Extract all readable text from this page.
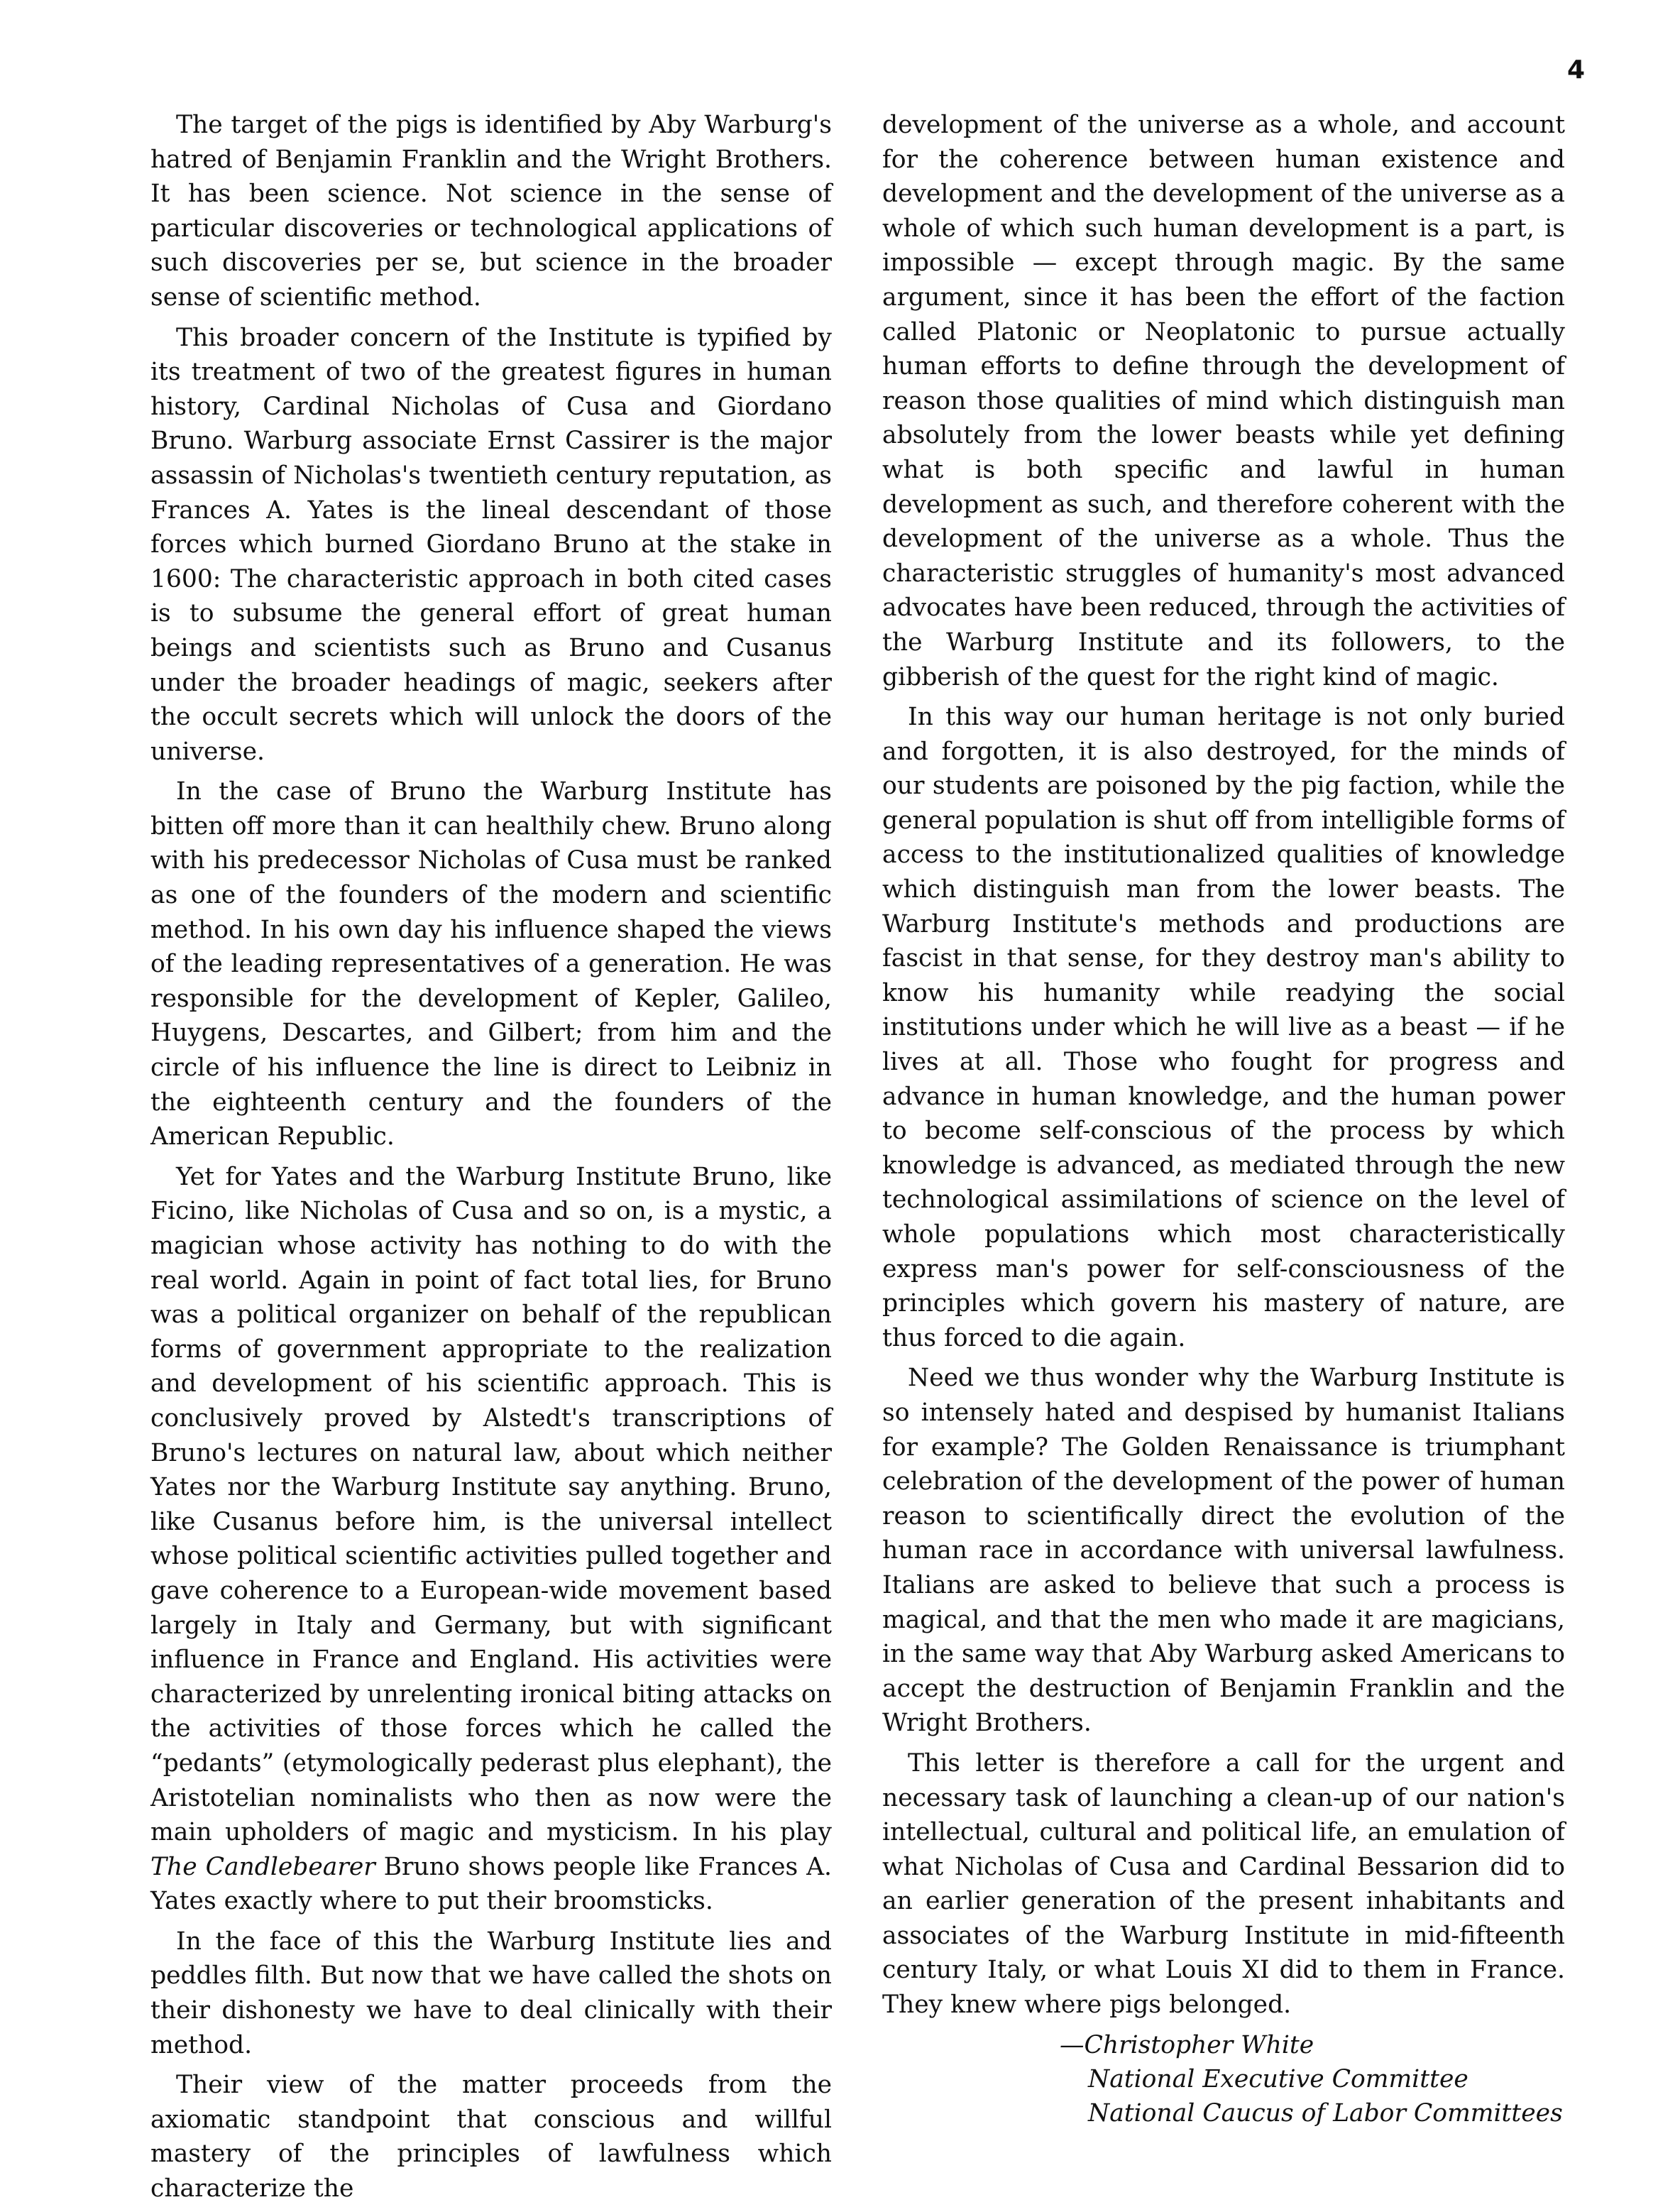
4

The target of the pigs is identified by Aby Warburg's hatred of Benjamin Franklin and the Wright Brothers. It has been science. Not science in the sense of particular discoveries or technological applications of such discoveries per se, but science in the broader sense of scientific method.

This broader concern of the Institute is typified by its treatment of two of the greatest figures in human history, Cardinal Nicholas of Cusa and Giordano Bruno. Warburg associate Ernst Cassirer is the major assassin of Nicholas's twentieth century reputation, as Frances A. Yates is the lineal descendant of those forces which burned Giordano Bruno at the stake in 1600: The characteristic approach in both cited cases is to subsume the general effort of great human beings and scientists such as Bruno and Cusanus under the broader headings of magic, seekers after the occult secrets which will unlock the doors of the universe.

In the case of Bruno the Warburg Institute has bitten off more than it can healthily chew. Bruno along with his predecessor Nicholas of Cusa must be ranked as one of the founders of the modern and scientific method. In his own day his influence shaped the views of the leading representatives of a generation. He was responsible for the development of Kepler, Galileo, Huygens, Descartes, and Gilbert; from him and the circle of his influence the line is direct to Leibniz in the eighteenth century and the founders of the American Republic.

Yet for Yates and the Warburg Institute Bruno, like Ficino, like Nicholas of Cusa and so on, is a mystic, a magician whose activity has nothing to do with the real world. Again in point of fact total lies, for Bruno was a political organizer on behalf of the republican forms of government appropriate to the realization and development of his scientific approach. This is conclusively proved by Alstedt's transcriptions of Bruno's lectures on natural law, about which neither Yates nor the Warburg Institute say anything. Bruno, like Cusanus before him, is the universal intellect whose political scientific activities pulled together and gave coherence to a European-wide movement based largely in Italy and Germany, but with significant influence in France and England. His activities were characterized by unrelenting ironical biting attacks on the activities of those forces which he called the “pedants” (etymologically pederast plus elephant), the Aristotelian nominalists who then as now were the main upholders of magic and mysticism. In his play The Candlebearer Bruno shows people like Frances A. Yates exactly where to put their broomsticks.

In the face of this the Warburg Institute lies and peddles filth. But now that we have called the shots on their dishonesty we have to deal clinically with their method.

Their view of the matter proceeds from the axiomatic standpoint that conscious and willful mastery of the principles of lawfulness which characterize the

development of the universe as a whole, and account for the coherence between human existence and development and the development of the universe as a whole of which such human development is a part, is impossible — except through magic. By the same argument, since it has been the effort of the faction called Platonic or Neoplatonic to pursue actually human efforts to define through the development of reason those qualities of mind which distinguish man absolutely from the lower beasts while yet defining what is both specific and lawful in human development as such, and therefore coherent with the development of the universe as a whole. Thus the characteristic struggles of humanity's most advanced advocates have been reduced, through the activities of the Warburg Institute and its followers, to the gibberish of the quest for the right kind of magic.

In this way our human heritage is not only buried and forgotten, it is also destroyed, for the minds of our students are poisoned by the pig faction, while the general population is shut off from intelligible forms of access to the institutionalized qualities of knowledge which distinguish man from the lower beasts. The Warburg Institute's methods and productions are fascist in that sense, for they destroy man's ability to know his humanity while readying the social institutions under which he will live as a beast — if he lives at all. Those who fought for progress and advance in human knowledge, and the human power to become self-conscious of the process by which knowledge is advanced, as mediated through the new technological assimilations of science on the level of whole populations which most characteristically express man's power for self-consciousness of the principles which govern his mastery of nature, are thus forced to die again.

Need we thus wonder why the Warburg Institute is so intensely hated and despised by humanist Italians for example? The Golden Renaissance is triumphant celebration of the development of the power of human reason to scientifically direct the evolution of the human race in accordance with universal lawfulness. Italians are asked to believe that such a process is magical, and that the men who made it are magicians, in the same way that Aby Warburg asked Americans to accept the destruction of Benjamin Franklin and the Wright Brothers.

This letter is therefore a call for the urgent and necessary task of launching a clean-up of our nation's intellectual, cultural and political life, an emulation of what Nicholas of Cusa and Cardinal Bessarion did to an earlier generation of the present inhabitants and associates of the Warburg Institute in mid-fifteenth century Italy, or what Louis XI did to them in France. They knew where pigs belonged.

—Christopher White
National Executive Committee
National Caucus of Labor Committees
